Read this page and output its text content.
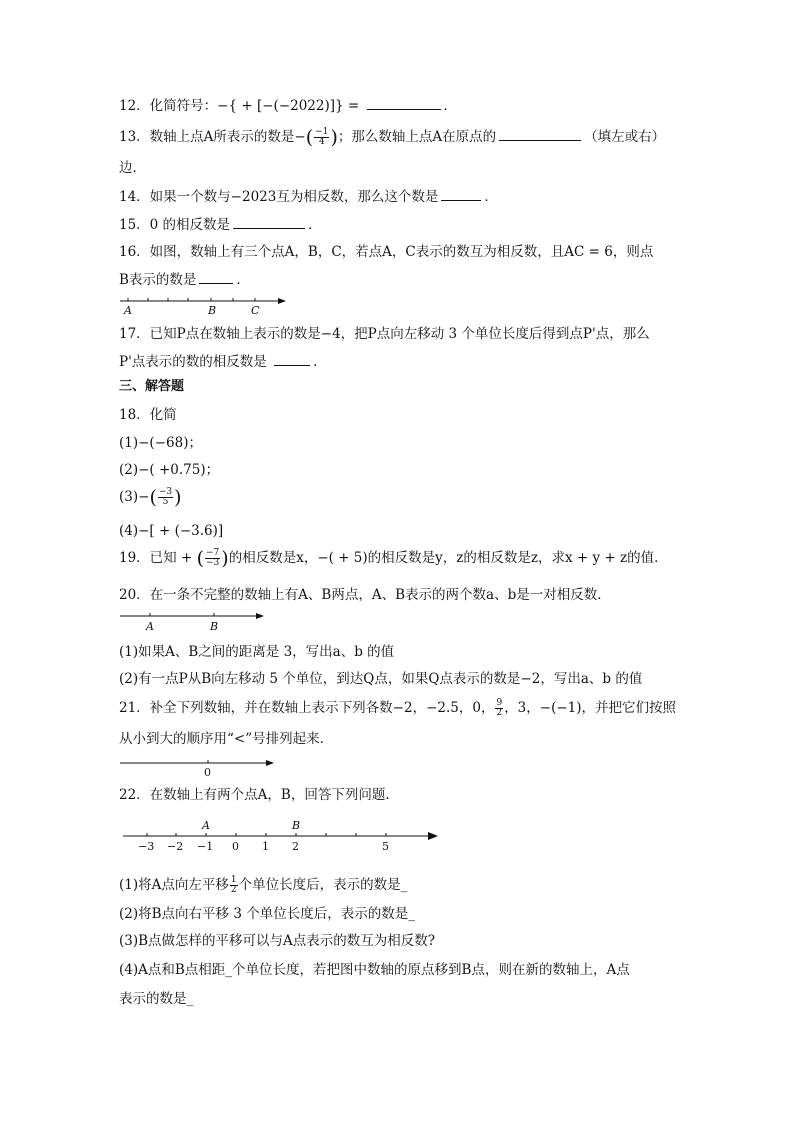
12．化简符号：−{ + [−(−2022)]} =	．
13．数轴上点A所表示的数是−( $\frac{-1}{4}$ )；那么数轴上点A在原点的	（填左或右）
边．
14．如果一个数与−2023互为相反数，那么这个数是	．
15．0 的相反数是	．
16．如图，数轴上有三个点A，B，C，若点A，C表示的数互为相反数，且AC = 6，则点
B表示的数是	．
A	B	C
17．已知P点在数轴上表示的数是−4，把P点向左移动 3 个单位长度后得到点P'点，那么
P'点表示的数的相反数是	．
三、解答题
18．化简
(1)−(−68)；
(2)−( +0.75)；
$(3)-( \frac{-3}{5}$ )
(4)−[ + (−3.6)]
19．已知 + ( $\frac{-7}{-3}$ )的相反数是x，−( + 5)的相反数是y，z的相反数是z，求x + y + z的值．
20．在一条不完整的数轴上有A、B两点，A、B表示的两个数a、b是一对相反数．
A	B
(1)如果A、B之间的距离是 3，写出a、b 的值
(2)有一点P从B向左移动 5 个单位，到达Q点，如果Q点表示的数是−2，写出a、b 的值
21．补全下列数轴，并在数轴上表示下列各数−2，−2.5，0， $\frac{9}{2}$ ，3，−(−1)，并把它们按照
从小到大的顺序用“<”号排列起来．
0
22．在数轴上有两个点A，B，回答下列问题.
A	B
−3 −2 −1 0 1 2	5
(1)将A点向左平移 $\frac{1}{2}$ 个单位长度后，表示的数是_
(2)将B点向右平移 3 个单位长度后，表示的数是_
(3)B点做怎样的平移可以与A点表示的数互为相反数?
(4)A点和B点相距_个单位长度，若把图中数轴的原点移到B点，则在新的数轴上，A点
表示的数是_
